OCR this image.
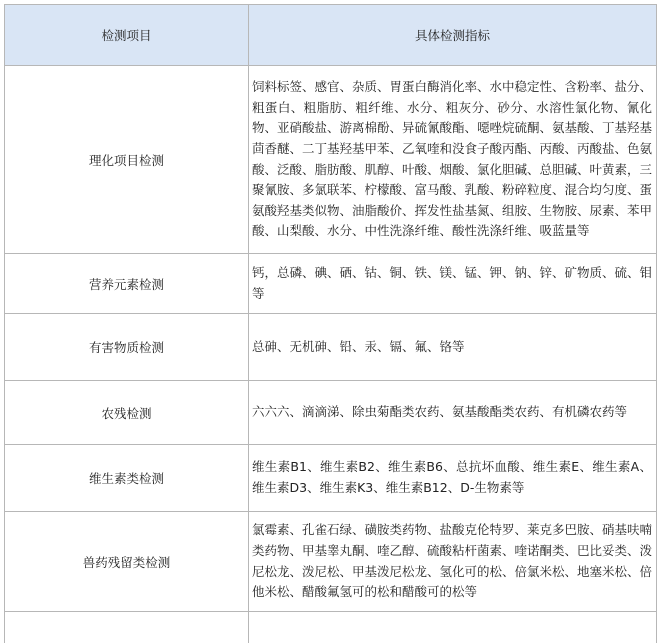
检测项目	具体检测指标
理化项目检测	饲料标签、感官、杂质、胃蛋白酶消化率、水中稳定性、含粉率、盐分、粗蛋白、粗脂肪、粗纤维、水分、粗灰分、砂分、水溶性氯化物、氰化物、亚硝酸盐、游离棉酚、异硫氰酸酯、噁唑烷硫酮、氨基酸、丁基羟基茴香醚、二丁基羟基甲苯、乙氧喹和没食子酸丙酯、丙酸、丙酸盐、色氨酸、泛酸、脂肪酸、肌醇、叶酸、烟酸、氯化胆碱、总胆碱、叶黄素，三聚氰胺、多氯联苯、柠檬酸、富马酸、乳酸、粉碎粒度、混合均匀度、蛋氨酸羟基类似物、油脂酸价、挥发性盐基氮、组胺、生物胺、尿素、苯甲酸、山梨酸、水分、中性洗涤纤维、酸性洗涤纤维、吸蓝量等
营养元素检测	钙，总磷、碘、硒、钴、铜、铁、镁、锰、钾、钠、锌、矿物质、硫、钼等
有害物质检测	总砷、无机砷、铅、汞、镉、氟、铬等
农残检测	六六六、滴滴涕、除虫菊酯类农药、氨基酸酯类农药、有机磷农药等
维生素类检测	维生素B1、维生素B2、维生素B6、总抗坏血酸、维生素E、维生素A、维生素D3、维生素K3、维生素B12、D-生物素等
兽药残留类检测	氯霉素、孔雀石绿、磺胺类药物、盐酸克伦特罗、莱克多巴胺、硝基呋喃类药物、甲基睾丸酮、喹乙醇、硫酸粘杆菌素、喹诺酮类、巴比妥类、泼尼松龙、泼尼松、甲基泼尼松龙、氢化可的松、倍氯米松、地塞米松、倍他米松、醋酸氟氢可的松和醋酸可的松等
